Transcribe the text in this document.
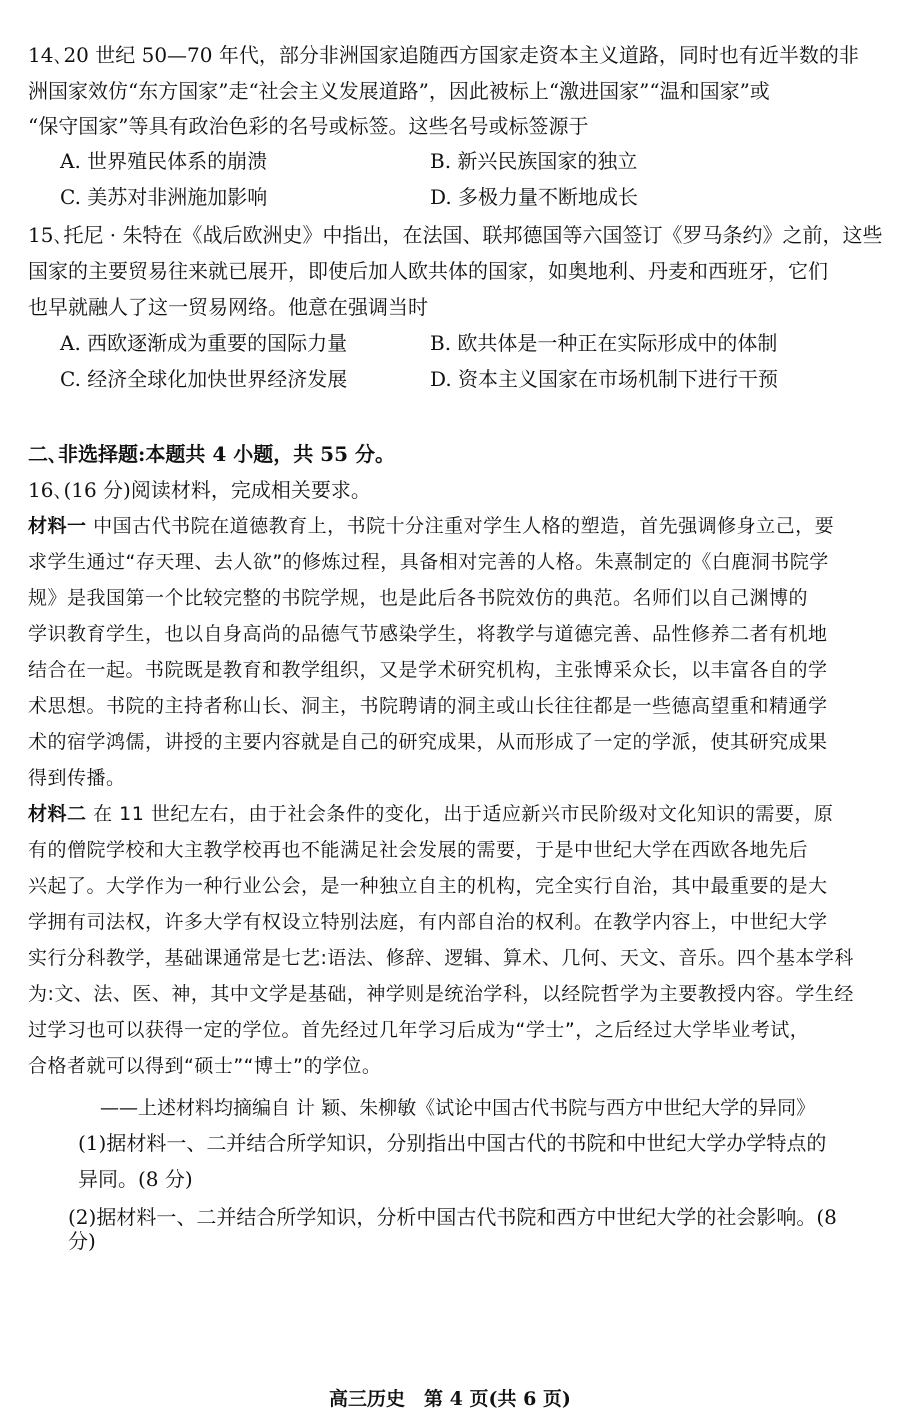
14､20 世纪 50—70 年代，部分非洲国家追随西方国家走资本主义道路，同时也有近半数的非
洲国家效仿“东方国家”走“社会主义发展道路”，因此被标上“激进国家”“温和国家”或
“保守国家”等具有政治色彩的名号或标签。这些名号或标签源于
A. 世界殖民体系的崩溃	B. 新兴民族国家的独立
C. 美苏对非洲施加影响	D. 多极力量不断地成长
15､托尼 · 朱特在《战后欧洲史》中指出，在法国、联邦德国等六国签订《罗马条约》之前，这些
国家的主要贸易往来就已展开，即使后加人欧共体的国家，如奥地利、丹麦和西班牙，它们
也早就融人了这一贸易网络。他意在强调当时
A. 西欧逐渐成为重要的国际力量	B. 欧共体是一种正在实际形成中的体制
C. 经济全球化加快世界经济发展	D. 资本主义国家在市场机制下进行干预
二､非选择题:本题共 4 小题，共 55 分。
16､(16 分)阅读材料，完成相关要求。
材料一 中国古代书院在道德教育上，书院十分注重对学生人格的塑造，首先强调修身立己，要
求学生通过“存天理、去人欲”的修炼过程，具备相对完善的人格。朱熹制定的《白鹿洞书院学
规》是我国第一个比较完整的书院学规，也是此后各书院效仿的典范。名师们以自己渊博的
学识教育学生，也以自身高尚的品德气节感染学生，将教学与道德完善、品性修养二者有机地
结合在一起。书院既是教育和教学组织，又是学术研究机构，主张博采众长，以丰富各自的学
术思想。书院的主持者称山长、洞主，书院聘请的洞主或山长往往都是一些德高望重和精通学
术的宿学鸿儒，讲授的主要内容就是自己的研究成果，从而形成了一定的学派，使其研究成果
得到传播。
材料二 在 11 世纪左右，由于社会条件的变化，出于适应新兴市民阶级对文化知识的需要，原
有的僧院学校和大主教学校再也不能满足社会发展的需要，于是中世纪大学在西欧各地先后
兴起了。大学作为一种行业公会，是一种独立自主的机构，完全实行自治，其中最重要的是大
学拥有司法权，许多大学有权设立特别法庭，有内部自治的权利。在教学内容上，中世纪大学
实行分科教学，基础课通常是七艺:语法、修辞、逻辑、算术、几何、天文、音乐。四个基本学科
为:文、法、医、神，其中文学是基础，神学则是统治学科，以经院哲学为主要教授内容。学生经
过学习也可以获得一定的学位。首先经过几年学习后成为“学士”，之后经过大学毕业考试，
合格者就可以得到“硕士”“博士”的学位。
——上述材料均摘编自 计 颖、朱柳敏《试论中国古代书院与西方中世纪大学的异同》
(1)据材料一、二并结合所学知识，分别指出中国古代的书院和中世纪大学办学特点的
异同。(8 分)
(2)据材料一、二并结合所学知识，分析中国古代书院和西方中世纪大学的社会影响。(8
分)
高三历史　第 4 页(共 6 页)
